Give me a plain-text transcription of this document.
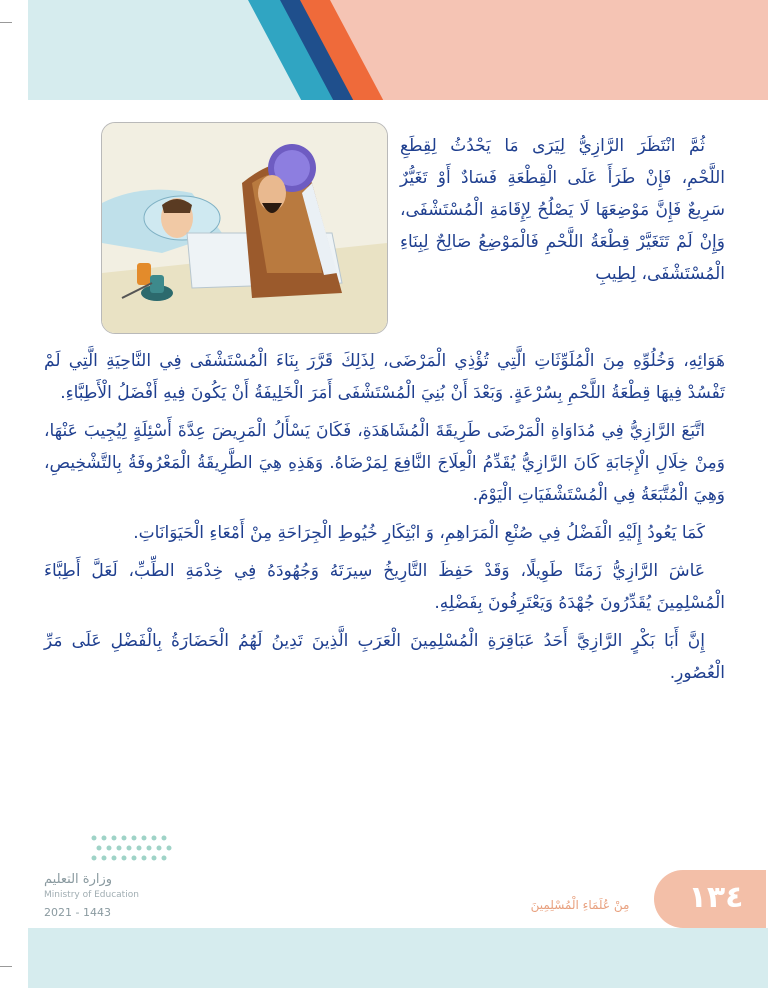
ثُمَّ انْتَظَرَ الرَّازِيُّ لِيَرَى مَا يَحْدُثُ لِقِطَعِ اللَّحْمِ، فَإِنْ طَرَأَ عَلَى الْقِطْعَةِ فَسَادٌ أَوْ تَغَيُّرٌ سَرِيعٌ فَإِنَّ مَوْضِعَهَا لَا يَصْلُحُ لِإِقَامَةِ الْمُسْتَشْفَى، وَإِنْ لَمْ تَتَغَيَّرْ قِطْعَةُ اللَّحْمِ فَالْمَوْضِعُ صَالِحٌ لِبِنَاءِ الْمُسْتَشْفَى، لِطِيبِ

هَوَائِهِ، وَخُلُوِّهِ مِنَ الْمُلَوِّثَاتِ الَّتِي تُؤْذِي الْمَرْضَى، لِذَلِكَ قَرَّرَ بِنَاءَ الْمُسْتَشْفَى فِي النَّاحِيَةِ الَّتِي لَمْ تَفْسُدْ فِيهَا قِطْعَةُ اللَّحْمِ بِسُرْعَةٍ. وَبَعْدَ أَنْ بُنِيَ الْمُسْتَشْفَى أَمَرَ الْخَلِيفَةُ أَنْ يَكُونَ فِيهِ أَفْضَلُ الْأَطِبَّاءِ.

اتَّبَعَ الرَّازِيُّ فِي مُدَاوَاةِ الْمَرْضَى طَرِيقَةَ الْمُشَاهَدَةِ، فَكَانَ يَسْأَلُ الْمَرِيضَ عِدَّةَ أَسْئِلَةٍ لِيُجِيبَ عَنْهَا، وَمِنْ خِلَالِ الْإِجَابَةِ كَانَ الرَّازِيُّ يُقَدِّمُ الْعِلَاجَ النَّافِعَ لِمَرْضَاهُ. وَهَذِهِ هِيَ الطَّرِيقَةُ الْمَعْرُوفَةُ بِالتَّشْخِيصِ، وَهِيَ الْمُتَّبَعَةُ فِي الْمُسْتَشْفَيَاتِ الْيَوْمَ.

كَمَا يَعُودُ إِلَيْهِ الْفَضْلُ فِي صُنْعِ الْمَرَاهِمِ، وَ ابْتِكَارِ خُيُوطِ الْجِرَاحَةِ مِنْ أَمْعَاءِ الْحَيَوَانَاتِ.

عَاشَ الرَّازِيُّ زَمَنًا طَوِيلًا، وَقَدْ حَفِظَ التَّارِيخُ سِيرَتَهُ وَجُهُودَهُ فِي خِدْمَةِ الطِّبِّ، لَعَلَّ أَطِبَّاءَ الْمُسْلِمِينَ يُقَدِّرُونَ جُهْدَهُ وَيَعْتَرِفُونَ بِفَضْلِهِ.

إِنَّ أَبَا بَكْرٍ الرَّازِيَّ أَحَدُ عَبَاقِرَةِ الْمُسْلِمِينَ الْعَرَبِ الَّذِينَ تَدِينُ لَهُمُ الْحَضَارَةُ بِالْفَضْلِ عَلَى مَرِّ الْعُصُورِ.

وزارة التعليم
Ministry of Education
2021 - 1443
مِنْ عُلَمَاءِ الْمُسْلِمِينَ	١٣٤
